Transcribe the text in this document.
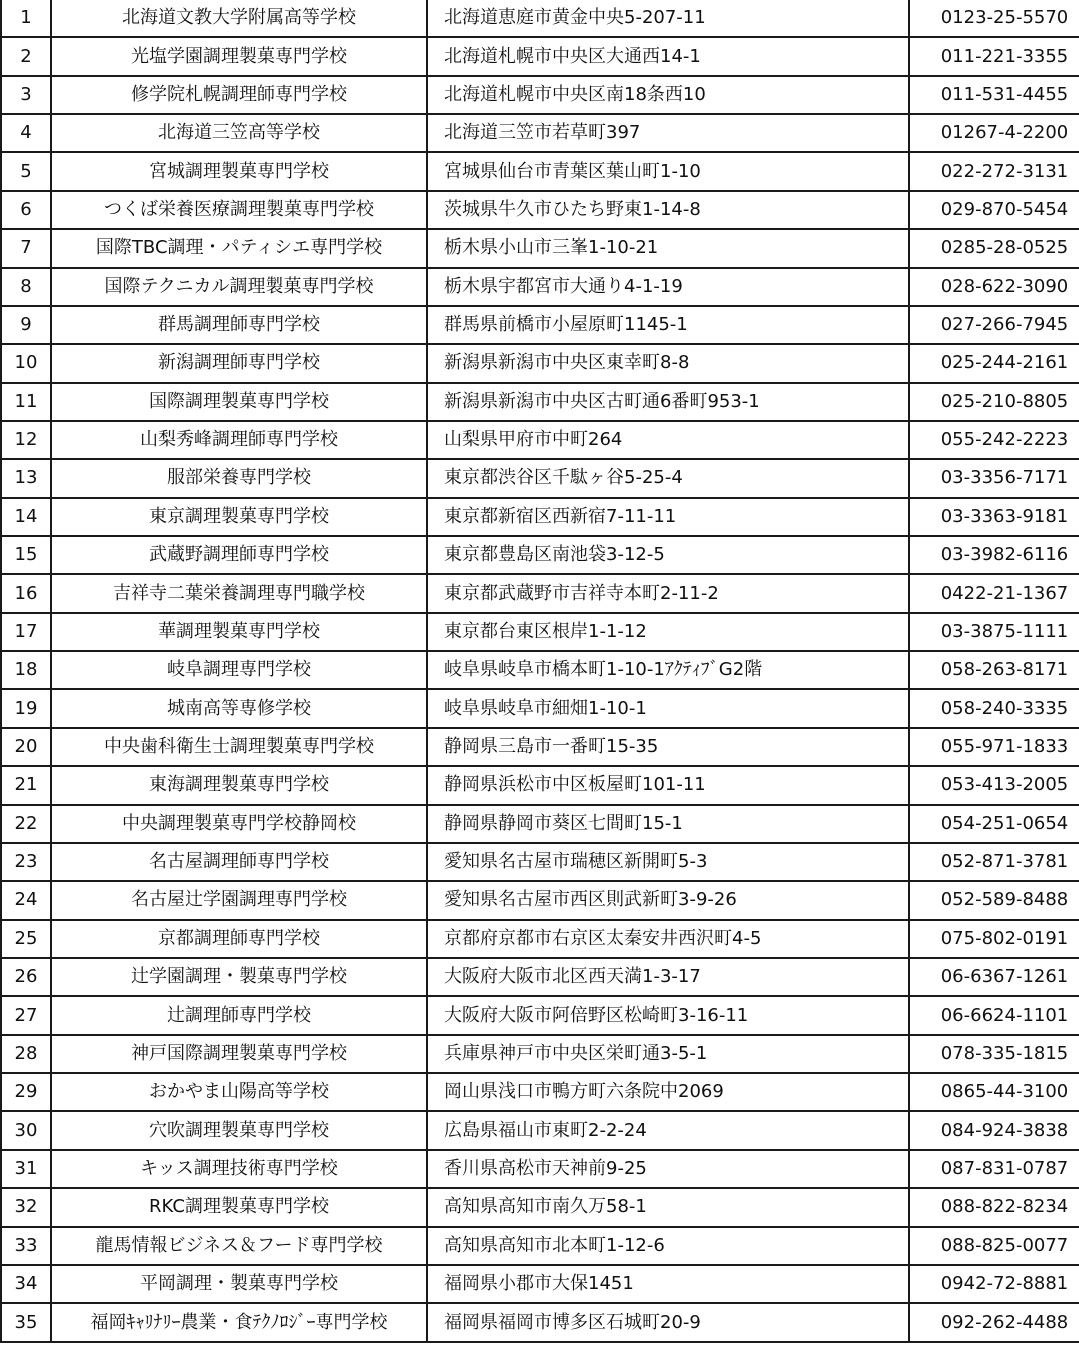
1	北海道文教大学附属高等学校	北海道恵庭市黄金中央5-207-11	0123-25-5570
2	光塩学園調理製菓専門学校	北海道札幌市中央区大通西14-1	011-221-3355
3	修学院札幌調理師専門学校	北海道札幌市中央区南18条西10	011-531-4455
4	北海道三笠高等学校	北海道三笠市若草町397	01267-4-2200
5	宮城調理製菓専門学校	宮城県仙台市青葉区葉山町1-10	022-272-3131
6	つくば栄養医療調理製菓専門学校	茨城県牛久市ひたち野東1-14-8	029-870-5454
7	国際TBC調理・パティシエ専門学校	栃木県小山市三峯1-10-21	0285-28-0525
8	国際テクニカル調理製菓専門学校	栃木県宇都宮市大通り4-1-19	028-622-3090
9	群馬調理師専門学校	群馬県前橋市小屋原町1145-1	027-266-7945
10	新潟調理師専門学校	新潟県新潟市中央区東幸町8-8	025-244-2161
11	国際調理製菓専門学校	新潟県新潟市中央区古町通6番町953-1	025-210-8805
12	山梨秀峰調理師専門学校	山梨県甲府市中町264	055-242-2223
13	服部栄養専門学校	東京都渋谷区千駄ヶ谷5-25-4	03-3356-7171
14	東京調理製菓専門学校	東京都新宿区西新宿7-11-11	03-3363-9181
15	武蔵野調理師専門学校	東京都豊島区南池袋3-12-5	03-3982-6116
16	吉祥寺二葉栄養調理専門職学校	東京都武蔵野市吉祥寺本町2-11-2	0422-21-1367
17	華調理製菓専門学校	東京都台東区根岸1-1-12	03-3875-1111
18	岐阜調理専門学校	岐阜県岐阜市橋本町1-10-1ｱｸﾃｨﾌﾞG2階	058-263-8171
19	城南高等専修学校	岐阜県岐阜市細畑1-10-1	058-240-3335
20	中央歯科衛生士調理製菓専門学校	静岡県三島市一番町15-35	055-971-1833
21	東海調理製菓専門学校	静岡県浜松市中区板屋町101-11	053-413-2005
22	中央調理製菓専門学校静岡校	静岡県静岡市葵区七間町15-1	054-251-0654
23	名古屋調理師専門学校	愛知県名古屋市瑞穂区新開町5-3	052-871-3781
24	名古屋辻学園調理専門学校	愛知県名古屋市西区則武新町3-9-26	052-589-8488
25	京都調理師専門学校	京都府京都市右京区太秦安井西沢町4-5	075-802-0191
26	辻学園調理・製菓専門学校	大阪府大阪市北区西天満1-3-17	06-6367-1261
27	辻調理師専門学校	大阪府大阪市阿倍野区松崎町3-16-11	06-6624-1101
28	神戸国際調理製菓専門学校	兵庫県神戸市中央区栄町通3-5-1	078-335-1815
29	おかやま山陽高等学校	岡山県浅口市鴨方町六条院中2069	0865-44-3100
30	穴吹調理製菓専門学校	広島県福山市東町2-2-24	084-924-3838
31	キッス調理技術専門学校	香川県高松市天神前9-25	087-831-0787
32	RKC調理製菓専門学校	高知県高知市南久万58-1	088-822-8234
33	龍馬情報ビジネス＆フード専門学校	高知県高知市北本町1-12-6	088-825-0077
34	平岡調理・製菓専門学校	福岡県小郡市大保1451	0942-72-8881
35	福岡ｷｬﾘﾅﾘｰ農業・食ﾃｸﾉﾛｼﾞｰ専門学校	福岡県福岡市博多区石城町20-9	092-262-4488
